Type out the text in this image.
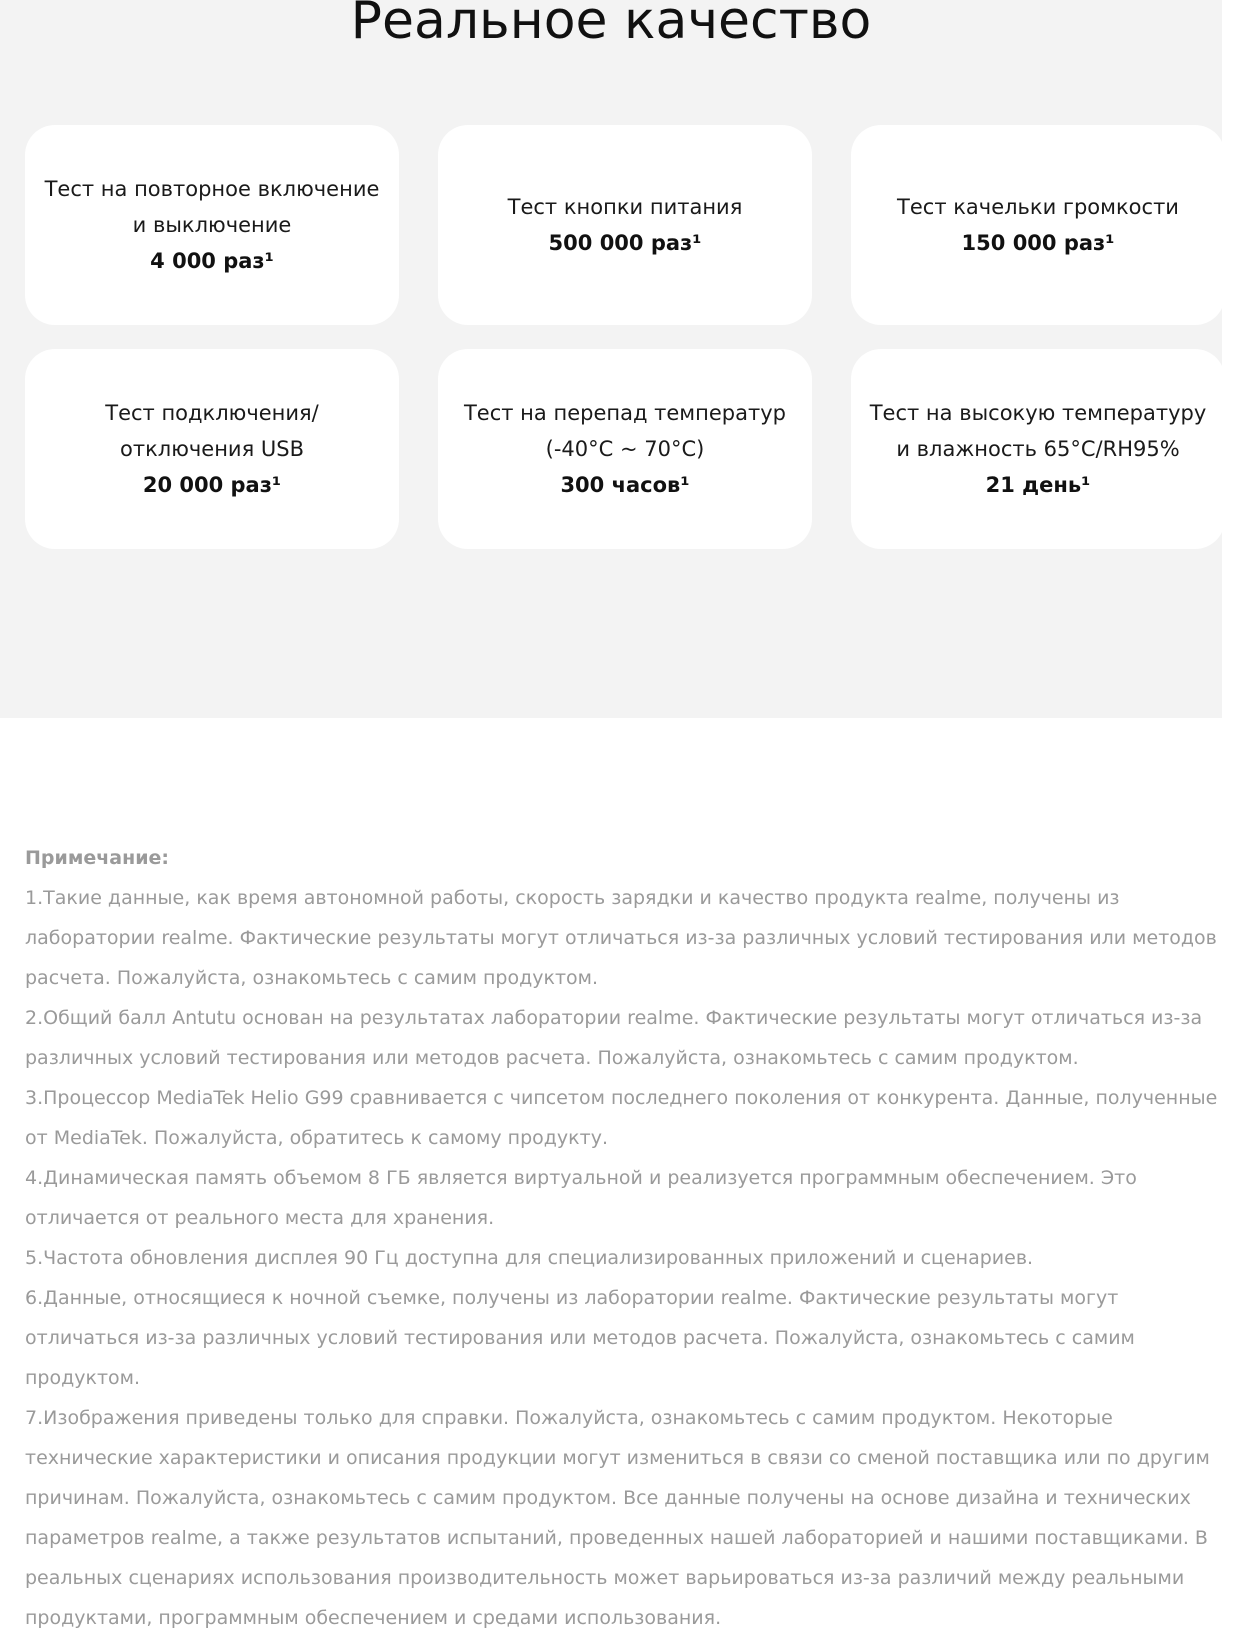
Реальное качество
Тест на повторное включение и выключение
4 000 раз¹
Тест кнопки питания
500 000 раз¹
Тест качельки громкости
150 000 раз¹
Тест подключения/ отключения USB
20 000 раз¹
Тест на перепад температур (-40°C ~ 70°C)
300 часов¹
Тест на высокую температуру и влажность 65°C/RH95%
21 день¹
Примечание:

1.Такие данные, как время автономной работы, скорость зарядки и качество продукта realme, получены из лаборатории realme. Фактические результаты могут отличаться из-за различных условий тестирования или методов расчета. Пожалуйста, ознакомьтесь с самим продуктом.

2.Общий балл Antutu основан на результатах лаборатории realme. Фактические результаты могут отличаться из-за различных условий тестирования или методов расчета. Пожалуйста, ознакомьтесь с самим продуктом.

3.Процессор MediaTek Helio G99 сравнивается с чипсетом последнего поколения от конкурента. Данные, полученные от MediaTek. Пожалуйста, обратитесь к самому продукту.

4.Динамическая память объемом 8 ГБ является виртуальной и реализуется программным обеспечением. Это отличается от реального места для хранения.

5.Частота обновления дисплея 90 Гц доступна для специализированных приложений и сценариев.

6.Данные, относящиеся к ночной съемке, получены из лаборатории realme. Фактические результаты могут отличаться из-за различных условий тестирования или методов расчета. Пожалуйста, ознакомьтесь с самим продуктом.

7.Изображения приведены только для справки. Пожалуйста, ознакомьтесь с самим продуктом. Некоторые технические характеристики и описания продукции могут измениться в связи со сменой поставщика или по другим причинам. Пожалуйста, ознакомьтесь с самим продуктом. Все данные получены на основе дизайна и технических параметров realme, а также результатов испытаний, проведенных нашей лабораторией и нашими поставщиками. В реальных сценариях использования производительность может варьироваться из-за различий между реальными продуктами, программным обеспечением и средами использования.
